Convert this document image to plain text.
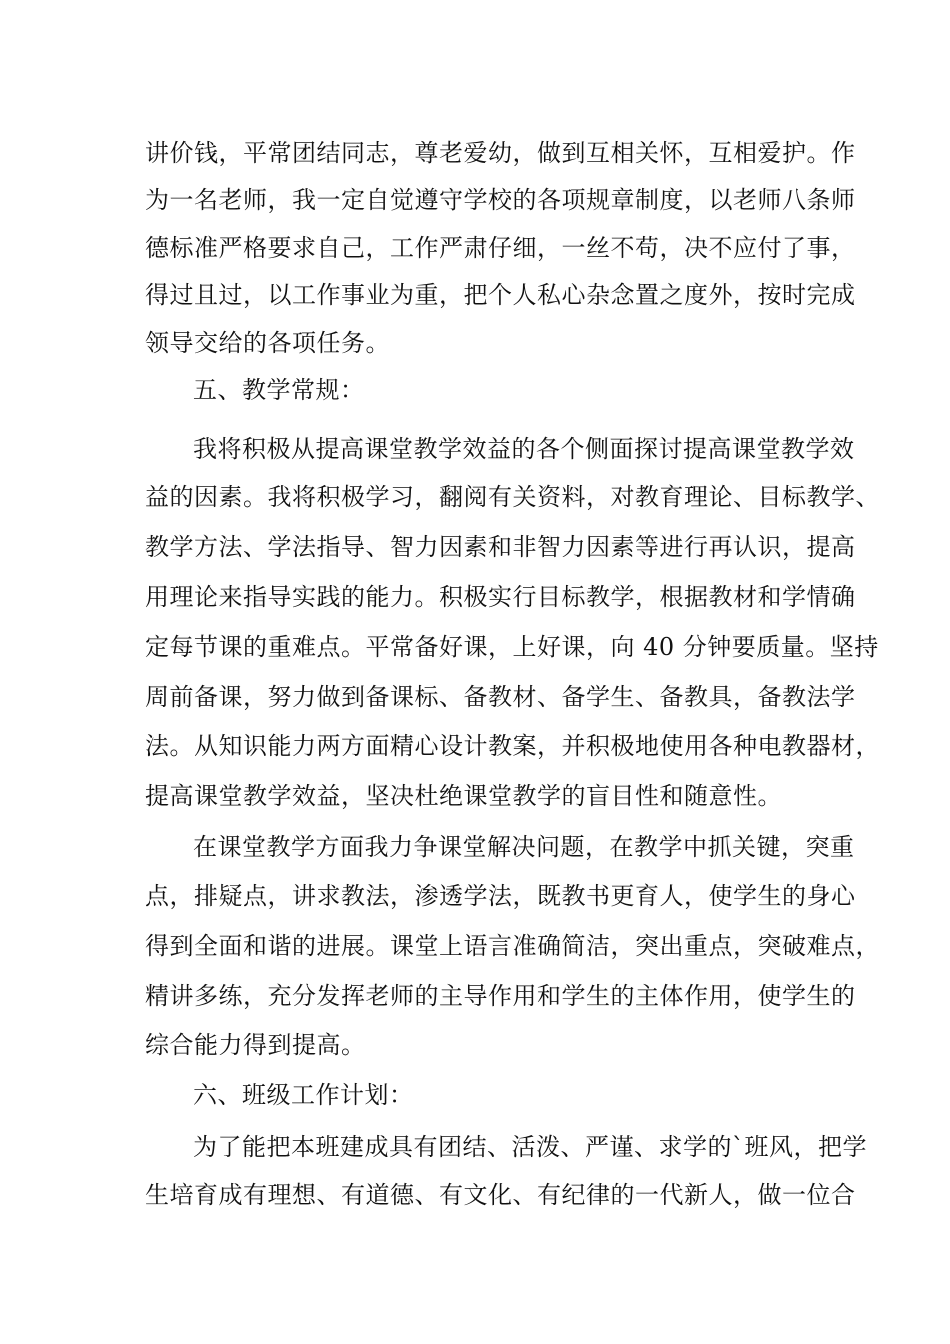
讲价钱，平常团结同志，尊老爱幼，做到互相关怀，互相爱护。作
为一名老师，我一定自觉遵守学校的各项规章制度，以老师八条师
德标准严格要求自己，工作严肃仔细，一丝不苟，决不应付了事，
得过且过，以工作事业为重，把个人私心杂念置之度外，按时完成
领导交给的各项任务。
五、教学常规：
我将积极从提高课堂教学效益的各个侧面探讨提高课堂教学效
益的因素。我将积极学习，翻阅有关资料，对教育理论、目标教学、
教学方法、学法指导、智力因素和非智力因素等进行再认识，提高
用理论来指导实践的能力。积极实行目标教学，根据教材和学情确
定每节课的重难点。平常备好课，上好课，向 40 分钟要质量。坚持
周前备课，努力做到备课标、备教材、备学生、备教具，备教法学
法。从知识能力两方面精心设计教案，并积极地使用各种电教器材，
提高课堂教学效益，坚决杜绝课堂教学的盲目性和随意性。
在课堂教学方面我力争课堂解决问题，在教学中抓关键，突重
点，排疑点，讲求教法，渗透学法，既教书更育人，使学生的身心
得到全面和谐的进展。课堂上语言准确简洁，突出重点，突破难点，
精讲多练，充分发挥老师的主导作用和学生的主体作用，使学生的
综合能力得到提高。
六、班级工作计划：
为了能把本班建成具有团结、活泼、严谨、求学的`班风，把学
生培育成有理想、有道德、有文化、有纪律的一代新人，做一位合
